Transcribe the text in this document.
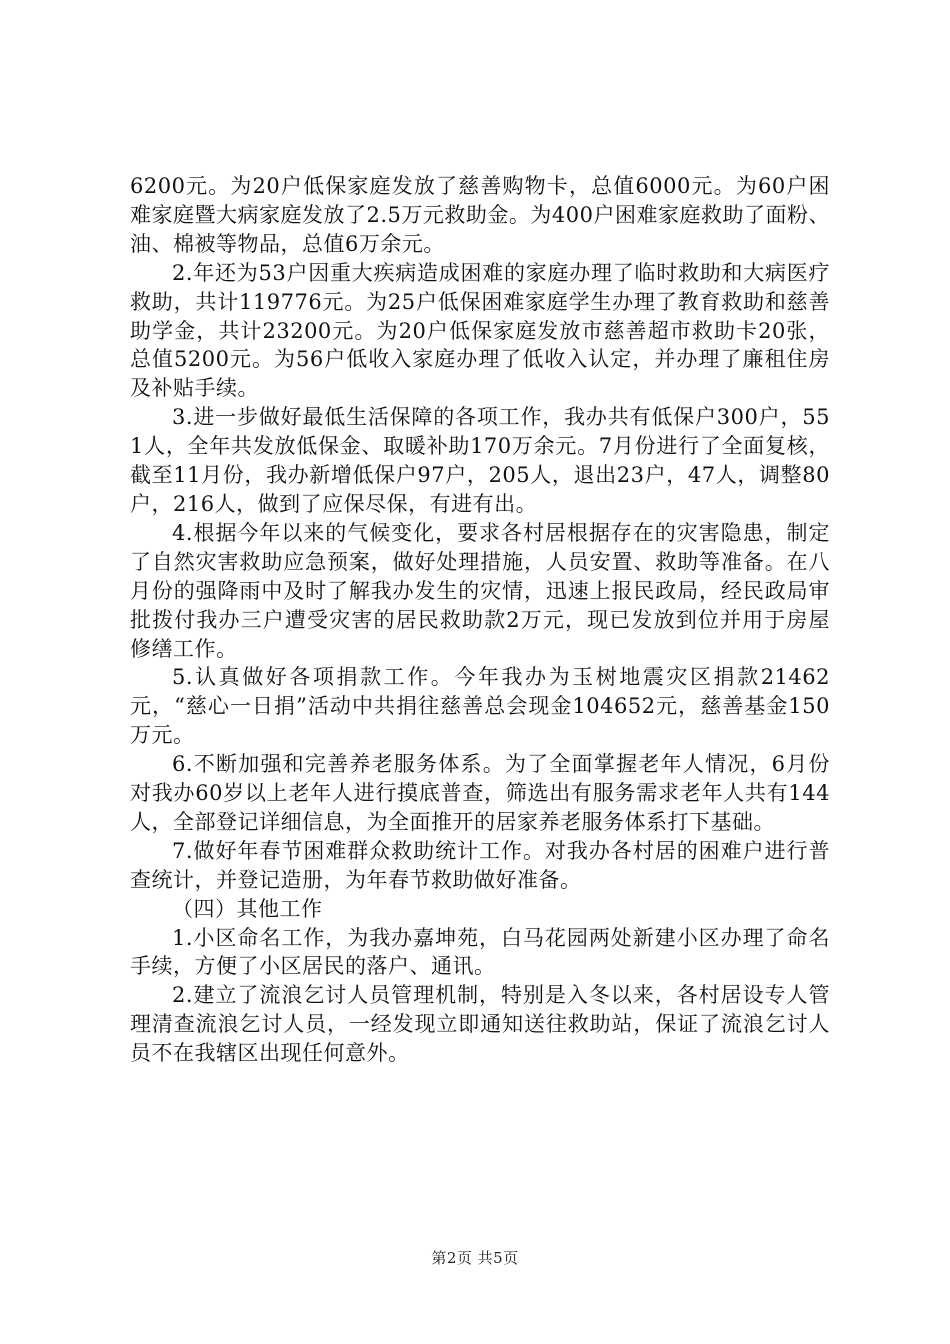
6200元。为20户低保家庭发放了慈善购物卡，总值6000元。为60户困难家庭暨大病家庭发放了2.5万元救助金。为400户困难家庭救助了面粉、油、棉被等物品，总值6万余元。

2.年还为53户因重大疾病造成困难的家庭办理了临时救助和大病医疗救助，共计119776元。为25户低保困难家庭学生办理了教育救助和慈善助学金，共计23200元。为20户低保家庭发放市慈善超市救助卡20张，总值5200元。为56户低收入家庭办理了低收入认定，并办理了廉租住房及补贴手续。

3.进一步做好最低生活保障的各项工作，我办共有低保户300户，551人，全年共发放低保金、取暖补助170万余元。7月份进行了全面复核，截至11月份，我办新增低保户97户，205人，退出23户，47人，调整80户，216人，做到了应保尽保，有进有出。

4.根据今年以来的气候变化，要求各村居根据存在的灾害隐患，制定了自然灾害救助应急预案，做好处理措施，人员安置、救助等准备。在八月份的强降雨中及时了解我办发生的灾情，迅速上报民政局，经民政局审批拨付我办三户遭受灾害的居民救助款2万元，现已发放到位并用于房屋修缮工作。

5.认真做好各项捐款工作。今年我办为玉树地震灾区捐款21462元，“慈心一日捐”活动中共捐往慈善总会现金104652元，慈善基金150万元。

6.不断加强和完善养老服务体系。为了全面掌握老年人情况，6月份对我办60岁以上老年人进行摸底普查，筛选出有服务需求老年人共有144人，全部登记详细信息，为全面推开的居家养老服务体系打下基础。

7.做好年春节困难群众救助统计工作。对我办各村居的困难户进行普查统计，并登记造册，为年春节救助做好准备。

（四）其他工作

1.小区命名工作，为我办嘉坤苑，白马花园两处新建小区办理了命名手续，方便了小区居民的落户、通讯。

2.建立了流浪乞讨人员管理机制，特别是入冬以来，各村居设专人管理清查流浪乞讨人员，一经发现立即通知送往救助站，保证了流浪乞讨人员不在我辖区出现任何意外。

第2页 共5页
